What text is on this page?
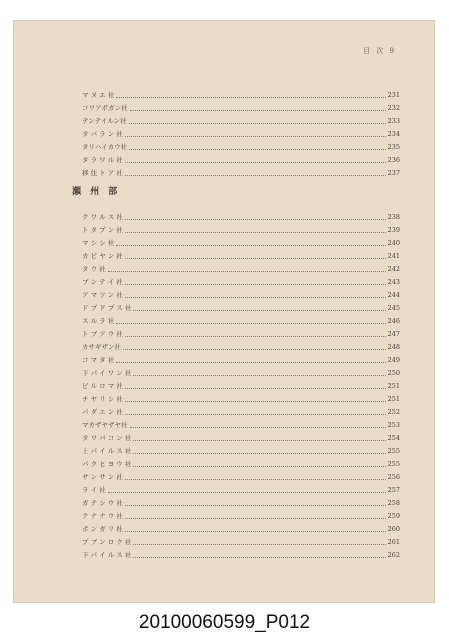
目 次 9
マ ヌ エ 社	231
コワアポガン社	232
テンテイルン社	233
タ バ ラ ン 社	234
タリハイカウ社	235
タ ラ ワ ル 社	236
移 住 ト ア 社	237
瀬 州 部
ク ワ ル ス 社	238
ト タ プ ン 社	239
マ シ シ 社	240
カ ピ ヤ ン 社	241
タ ウ 社	242
ブ ン テ イ 社	243
ア マ ソ ン 社	244
ド プ ド プ ス 社	245
ス ル ラ 社	246
ト ブ ア ウ 社	247
カサギザン社	248
コ マ タ 社	249
下 パ イ ワ ン 社	250
ビ ル ロ マ 社	251
チ ヤ リ シ 社	251
パ ダ エ ン 社	252
マカザヤザヤ社	253
タ ワ バ コ ン 社	254
上 パ イ ル ス 社	255
パ ク ヒ ヨ ウ 社	255
サ ン サ ン 社	256
ラ イ 社	257
ガ テ シ ウ 社	258
ク ナ ナ ウ 社	259
ボ ン ガ リ 社	260
プ ブ ン ロ ク 社	261
下 パ イ ル ス 社	262
20100060599_P012
